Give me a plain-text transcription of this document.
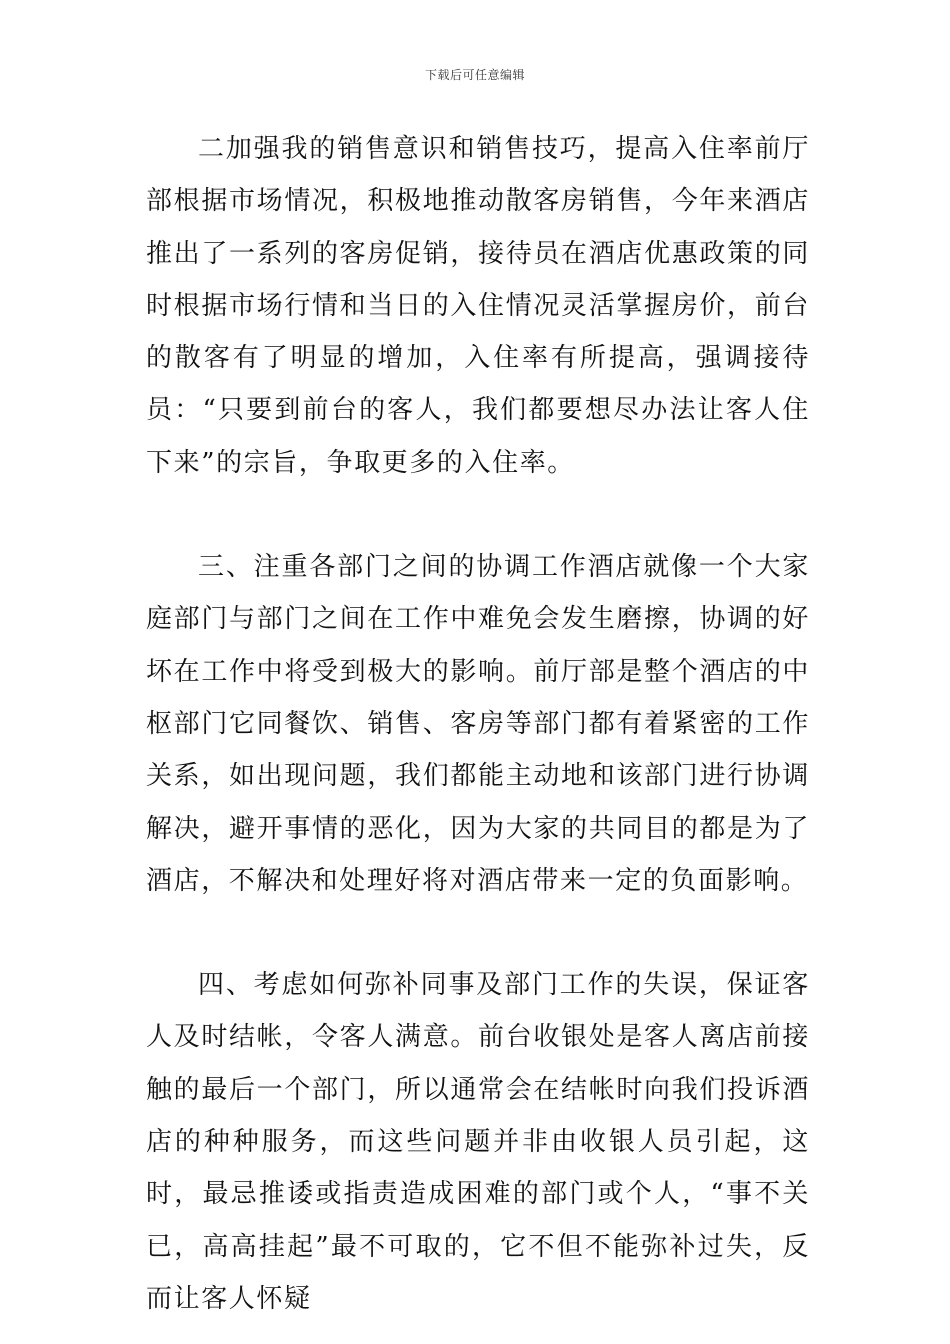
下载后可任意编辑

二加强我的销售意识和销售技巧，提高入住率前厅部根据市场情况，积极地推动散客房销售，今年来酒店推出了一系列的客房促销，接待员在酒店优惠政策的同时根据市场行情和当日的入住情况灵活掌握房价，前台的散客有了明显的增加，入住率有所提高，强调接待员：“只要到前台的客人，我们都要想尽办法让客人住下来”的宗旨，争取更多的入住率。

三、注重各部门之间的协调工作酒店就像一个大家庭部门与部门之间在工作中难免会发生磨擦，协调的好坏在工作中将受到极大的影响。前厅部是整个酒店的中枢部门它同餐饮、销售、客房等部门都有着紧密的工作关系，如出现问题，我们都能主动地和该部门进行协调解决，避开事情的恶化，因为大家的共同目的都是为了酒店，不解决和处理好将对酒店带来一定的负面影响。

四、考虑如何弥补同事及部门工作的失误，保证客人及时结帐，令客人满意。前台收银处是客人离店前接触的最后一个部门，所以通常会在结帐时向我们投诉酒店的种种服务，而这些问题并非由收银人员引起，这时，最忌推诿或指责造成困难的部门或个人，“事不关已，高高挂起”最不可取的，它不但不能弥补过失，反而让客人怀疑
